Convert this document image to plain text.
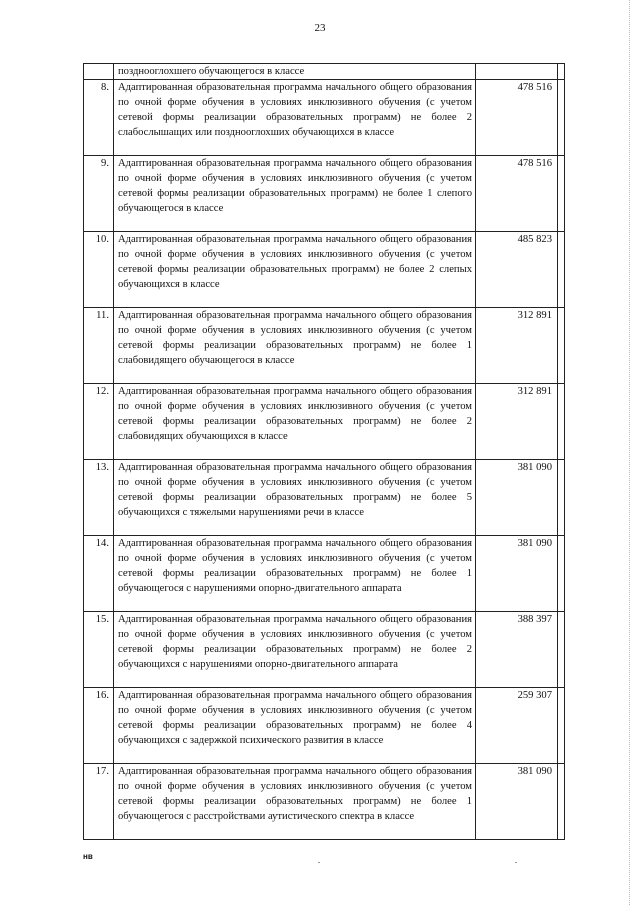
23
	позднооглохшего обучающегося в классе		
8.	Адаптированная образовательная программа начального общего образования по очной форме обучения в условиях инклюзивного обучения (с учетом сетевой формы реализации образовательных программ) не более 2 слабослышащих или позднооглохших обучающихся в классе	478 516	
9.	Адаптированная образовательная программа начального общего образования по очной форме обучения в условиях инклюзивного обучения (с учетом сетевой формы реализации образовательных программ) не более 1 слепого обучающегося в классе	478 516	
10.	Адаптированная образовательная программа начального общего образования по очной форме обучения в условиях инклюзивного обучения (с учетом сетевой формы реализации образовательных программ) не более 2 слепых обучающихся в классе	485 823	
11.	Адаптированная образовательная программа начального общего образования по очной форме обучения в условиях инклюзивного обучения (с учетом сетевой формы реализации образовательных программ) не более 1 слабовидящего обучающегося в классе	312 891	
12.	Адаптированная образовательная программа начального общего образования по очной форме обучения в условиях инклюзивного обучения (с учетом сетевой формы реализации образовательных программ) не более 2 слабовидящих обучающихся в классе	312 891	
13.	Адаптированная образовательная программа начального общего образования по очной форме обучения в условиях инклюзивного обучения (с учетом сетевой формы реализации образовательных программ) не более 5 обучающихся с тяжелыми нарушениями речи в классе	381 090	
14.	Адаптированная образовательная программа начального общего образования по очной форме обучения в условиях инклюзивного обучения (с учетом сетевой формы реализации образовательных программ) не более 1 обучающегося с нарушениями опорно-двигательного аппарата	381 090	
15.	Адаптированная образовательная программа начального общего образования по очной форме обучения в условиях инклюзивного обучения (с учетом сетевой формы реализации образовательных программ) не более 2 обучающихся с нарушениями опорно-двигательного аппарата	388 397	
16.	Адаптированная образовательная программа начального общего образования по очной форме обучения в условиях инклюзивного обучения (с учетом сетевой формы реализации образовательных программ) не более 4 обучающихся с задержкой психического развития в классе	259 307	
17.	Адаптированная образовательная программа начального общего образования по очной форме обучения в условиях инклюзивного обучения (с учетом сетевой формы реализации образовательных программ) не более 1 обучающегося с расстройствами аутистического спектра в классе	381 090	
нв
